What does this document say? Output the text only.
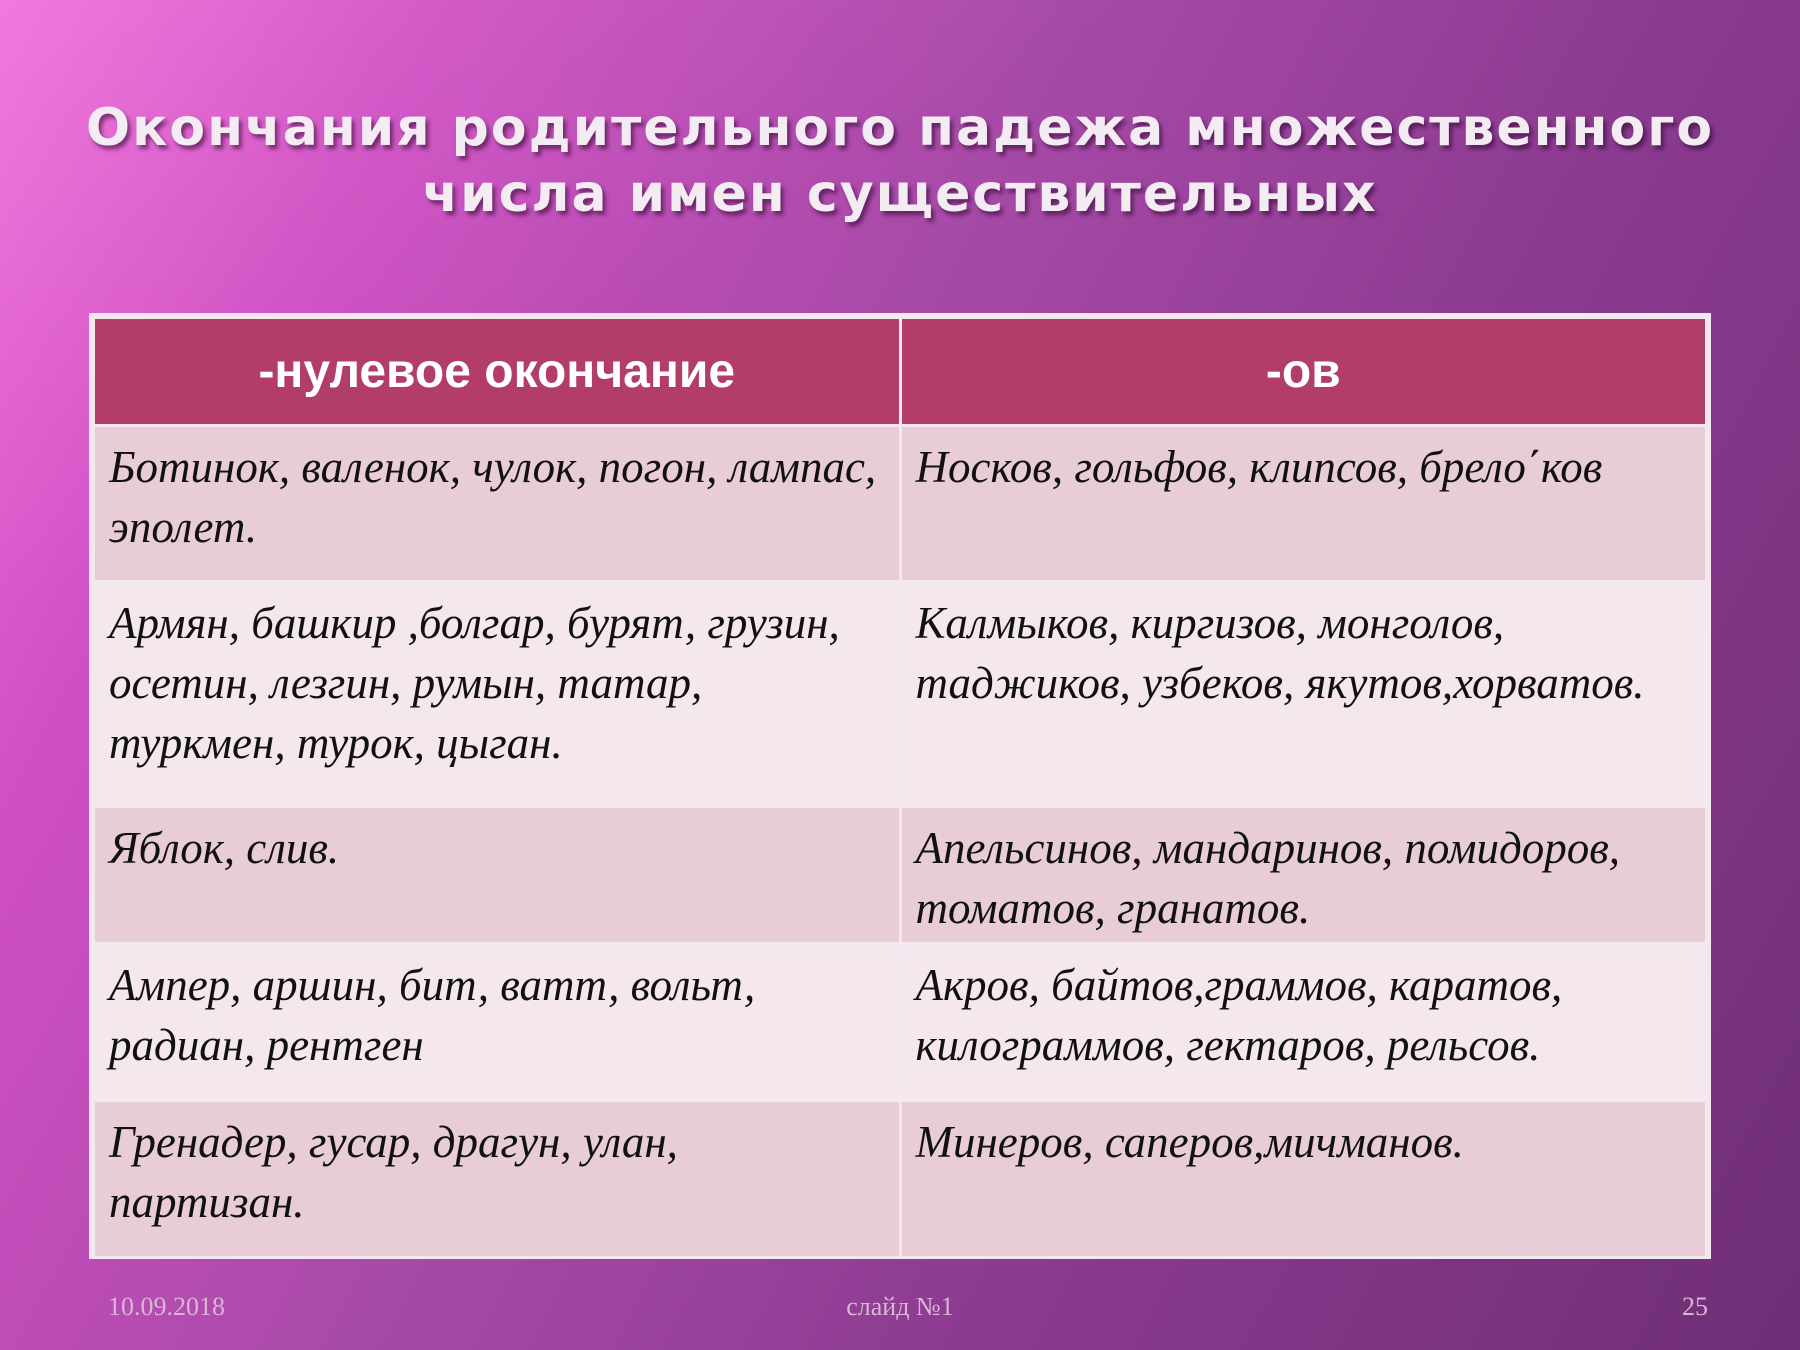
Окончания родительного падежа множественного числа имен существительных
-нулевое окончание	-ов
Ботинок, валенок, чулок, погон, лампас, эполет.	Носков, гольфов, клипсов, брело΄ков
Армян, башкир ,болгар, бурят, грузин, осетин, лезгин, румын, татар, туркмен, турок, цыган.	Калмыков, киргизов, монголов, таджиков, узбеков, якутов,хорватов.
Яблок, слив.	Апельсинов, мандаринов, помидоров, томатов, гранатов.
Ампер, аршин, бит, ватт, вольт, радиан, рентген	Акров, байтов,граммов, каратов, килограммов, гектаров, рельсов.
Гренадер, гусар, драгун, улан, партизан.	Минеров, саперов,мичманов.
10.09.2018	слайд №1	25
